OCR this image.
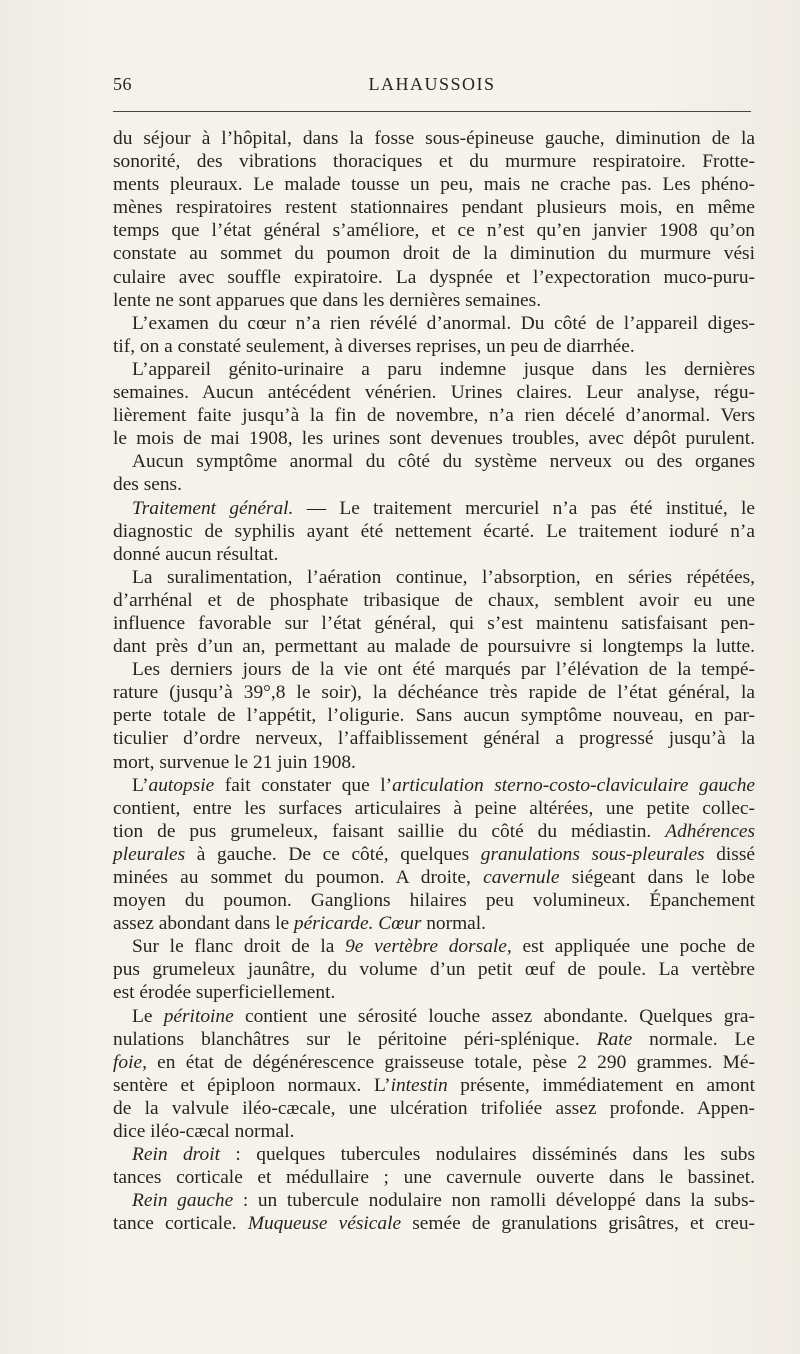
56	LAHAUSSOIS
du séjour à l’hôpital, dans la fosse sous-épineuse gauche, diminution de la
sonorité, des vibrations thoraciques et du murmure respiratoire. Frotte-
ments pleuraux. Le malade tousse un peu, mais ne crache pas. Les phéno-
mènes respiratoires restent stationnaires pendant plusieurs mois, en même
temps que l’état général s’améliore, et ce n’est qu’en janvier 1908 qu’on
constate au sommet du poumon droit de la diminution du murmure vési
culaire avec souffle expiratoire. La dyspnée et l’expectoration muco-puru-
lente ne sont apparues que dans les dernières semaines.
L’examen du cœur n’a rien révélé d’anormal. Du côté de l’appareil diges-
tif, on a constaté seulement, à diverses reprises, un peu de diarrhée.
L’appareil génito-urinaire a paru indemne jusque dans les dernières
semaines. Aucun antécédent vénérien. Urines claires. Leur analyse, régu-
lièrement faite jusqu’à la fin de novembre, n’a rien décelé d’anormal. Vers
le mois de mai 1908, les urines sont devenues troubles, avec dépôt purulent.
Aucun symptôme anormal du côté du système nerveux ou des organes
des sens.
Traitement général. — Le traitement mercuriel n’a pas été institué, le
diagnostic de syphilis ayant été nettement écarté. Le traitement ioduré n’a
donné aucun résultat.
La suralimentation, l’aération continue, l’absorption, en séries répétées,
d’arrhénal et de phosphate tribasique de chaux, semblent avoir eu une
influence favorable sur l’état général, qui s’est maintenu satisfaisant pen-
dant près d’un an, permettant au malade de poursuivre si longtemps la lutte.
Les derniers jours de la vie ont été marqués par l’élévation de la tempé-
rature (jusqu’à 39°,8 le soir), la déchéance très rapide de l’état général, la
perte totale de l’appétit, l’oligurie. Sans aucun symptôme nouveau, en par-
ticulier d’ordre nerveux, l’affaiblissement général a progressé jusqu’à la
mort, survenue le 21 juin 1908.
L’autopsie fait constater que l’articulation sterno-costo-claviculaire gauche
contient, entre les surfaces articulaires à peine altérées, une petite collec-
tion de pus grumeleux, faisant saillie du côté du médiastin. Adhérences
pleurales à gauche. De ce côté, quelques granulations sous-pleurales dissé
minées au sommet du poumon. A droite, cavernule siégeant dans le lobe
moyen du poumon. Ganglions hilaires peu volumineux. Épanchement
assez abondant dans le péricarde. Cœur normal.
Sur le flanc droit de la 9e vertèbre dorsale, est appliquée une poche de
pus grumeleux jaunâtre, du volume d’un petit œuf de poule. La vertèbre
est érodée superficiellement.
Le péritoine contient une sérosité louche assez abondante. Quelques gra-
nulations blanchâtres sur le péritoine péri-splénique. Rate normale. Le
foie, en état de dégénérescence graisseuse totale, pèse 2 290 grammes. Mé-
sentère et épiploon normaux. L’intestin présente, immédiatement en amont
de la valvule iléo-cæcale, une ulcération trifoliée assez profonde. Appen-
dice iléo-cæcal normal.
Rein droit : quelques tubercules nodulaires disséminés dans les subs
tances corticale et médullaire ; une cavernule ouverte dans le bassinet.
Rein gauche : un tubercule nodulaire non ramolli développé dans la subs-
tance corticale. Muqueuse vésicale semée de granulations grisâtres, et creu-
